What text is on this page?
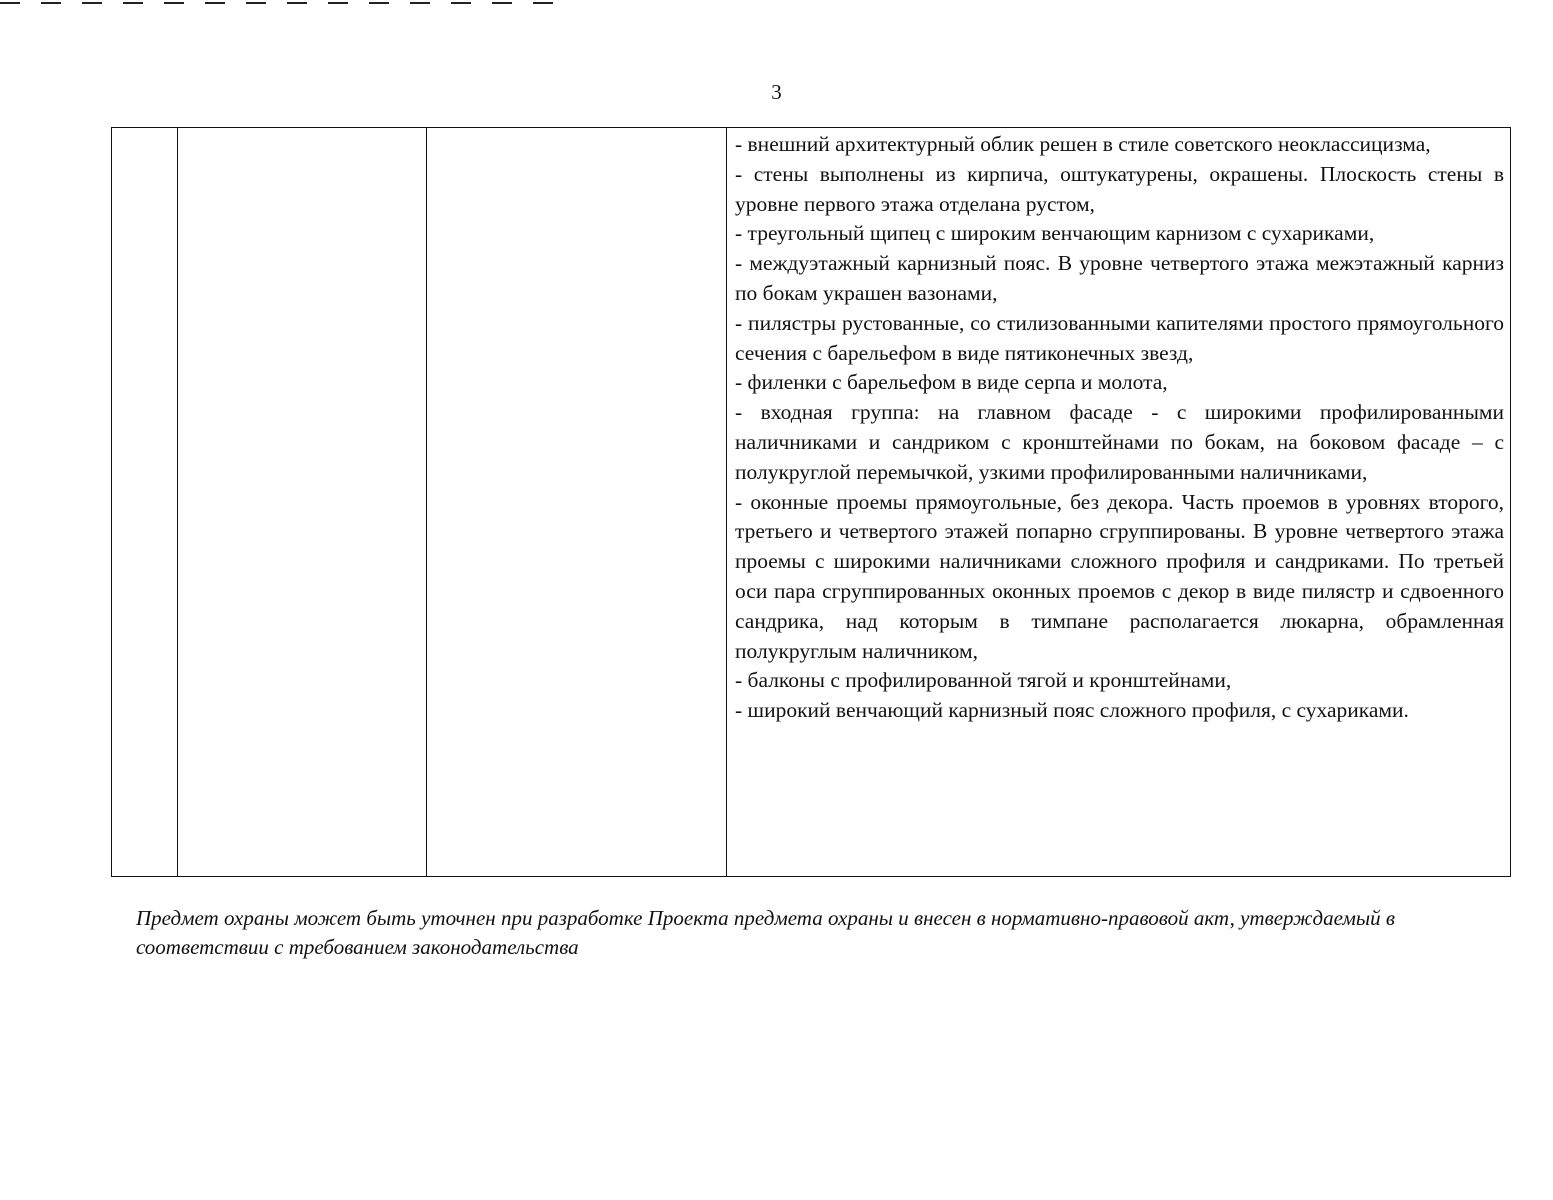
3

- внешний архитектурный облик решен в стиле советского неоклассицизма,

- стены выполнены из кирпича, оштукатурены, окрашены. Плоскость стены в уровне первого этажа отделана рустом,

- треугольный щипец с широким венчающим карнизом с сухариками,

- междуэтажный карнизный пояс. В уровне четвертого этажа межэтажный карниз по бокам украшен вазонами,

- пилястры рустованные, со стилизованными капителями простого прямоугольного сечения с барельефом в виде пятиконечных звезд,

- филенки с барельефом в виде серпа и молота,

- входная группа: на главном фасаде - с широкими профилированными наличниками и сандриком с кронштейнами по бокам, на боковом фасаде – с полукруглой перемычкой, узкими профилированными наличниками,

- оконные проемы прямоугольные, без декора. Часть проемов в уровнях второго, третьего и четвертого этажей попарно сгруппированы. В уровне четвертого этажа проемы с широкими наличниками сложного профиля и сандриками. По третьей оси пара сгруппированных оконных проемов с декор в виде пилястр и сдвоенного сандрика, над которым в тимпане располагается люкарна, обрамленная полукруглым наличником,

- балконы с профилированной тягой и кронштейнами,

- широкий венчающий карнизный пояс сложного профиля, с сухариками.

Предмет охраны может быть уточнен при разработке Проекта предмета охраны и внесен в нормативно-правовой акт, утверждаемый в соответствии с требованием законодательства
